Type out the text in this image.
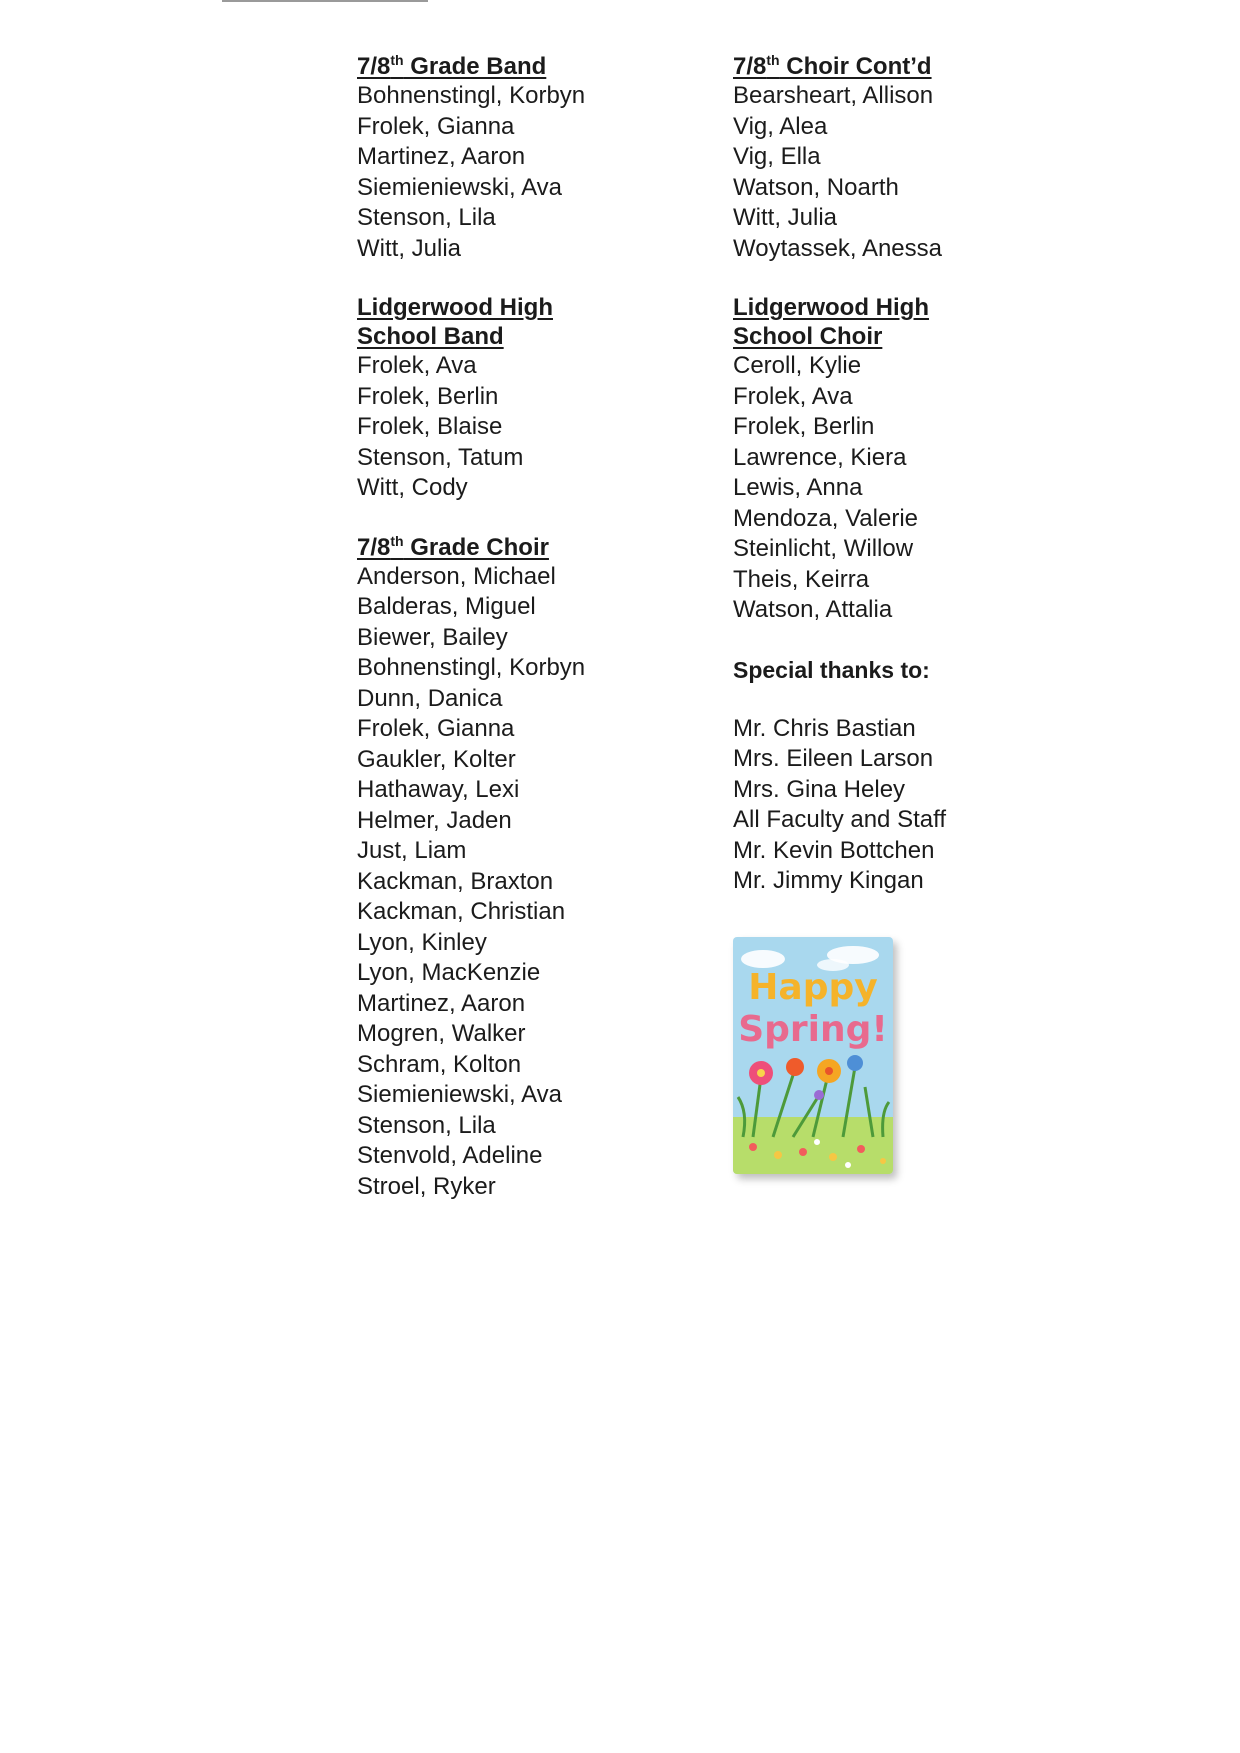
7/8th Grade Band
Bohnenstingl, Korbyn
Frolek, Gianna
Martinez, Aaron
Siemieniewski, Ava
Stenson, Lila
Witt, Julia
Lidgerwood High
School Band
Frolek, Ava
Frolek, Berlin
Frolek, Blaise
Stenson, Tatum
Witt, Cody
7/8th Grade Choir
Anderson, Michael
Balderas, Miguel
Biewer, Bailey
Bohnenstingl, Korbyn
Dunn, Danica
Frolek, Gianna
Gaukler, Kolter
Hathaway, Lexi
Helmer, Jaden
Just, Liam
Kackman, Braxton
Kackman, Christian
Lyon, Kinley
Lyon, MacKenzie
Martinez, Aaron
Mogren, Walker
Schram, Kolton
Siemieniewski, Ava
Stenson, Lila
Stenvold, Adeline
Stroel, Ryker
7/8th Choir Cont’d
Bearsheart, Allison
Vig, Alea
Vig, Ella
Watson, Noarth
Witt, Julia
Woytassek, Anessa
Lidgerwood High
School Choir
Ceroll, Kylie
Frolek, Ava
Frolek, Berlin
Lawrence, Kiera
Lewis, Anna
Mendoza, Valerie
Steinlicht, Willow
Theis, Keirra
Watson, Attalia
Special thanks to:
Mr. Chris Bastian
Mrs. Eileen Larson
Mrs. Gina Heley
All Faculty and Staff
Mr. Kevin Bottchen
Mr. Jimmy Kingan
Happy
Spring!
